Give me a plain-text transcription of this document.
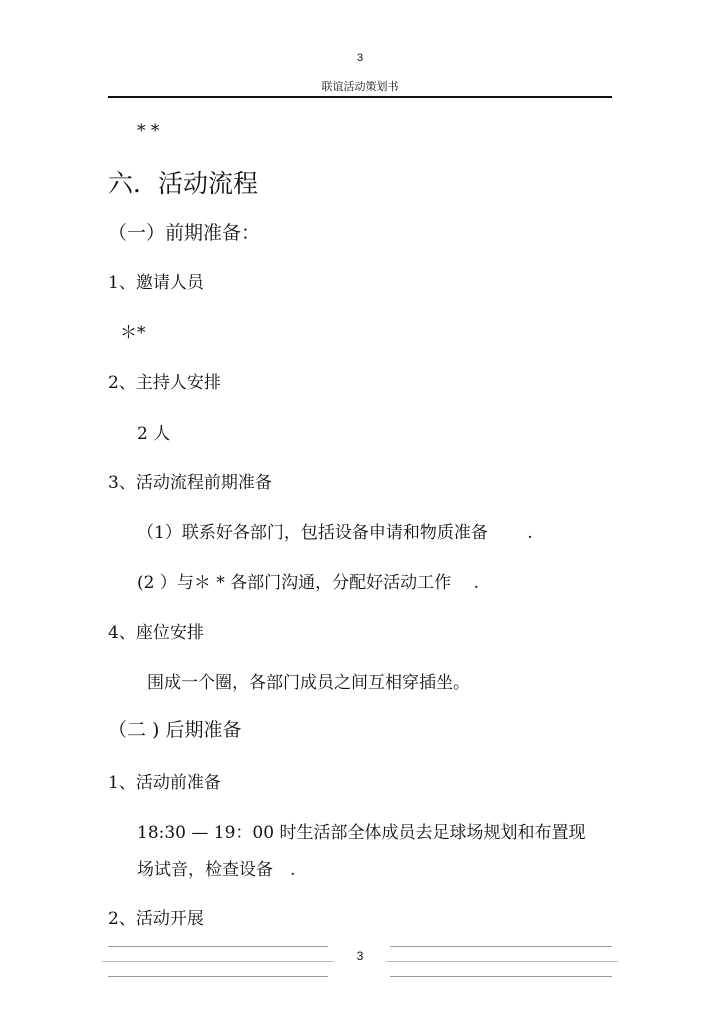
3
联谊活动策划书
* *
六．活动流程
（一）前期准备：
1、邀请人员
＊*
2、主持人安排
2 人
3、活动流程前期准备
（1）联系好各部门，包括设备申请和物质准备　　 .
(2 ）与＊ * 各部门沟通，分配好活动工作　 .
4、座位安排
围成一个圈，各部门成员之间互相穿插坐。
（二 ) 后期准备
1、活动前准备
18:30 — 19：00 时生活部全体成员去足球场规划和布置现
场试音，检查设备　.
2、活动开展
3
